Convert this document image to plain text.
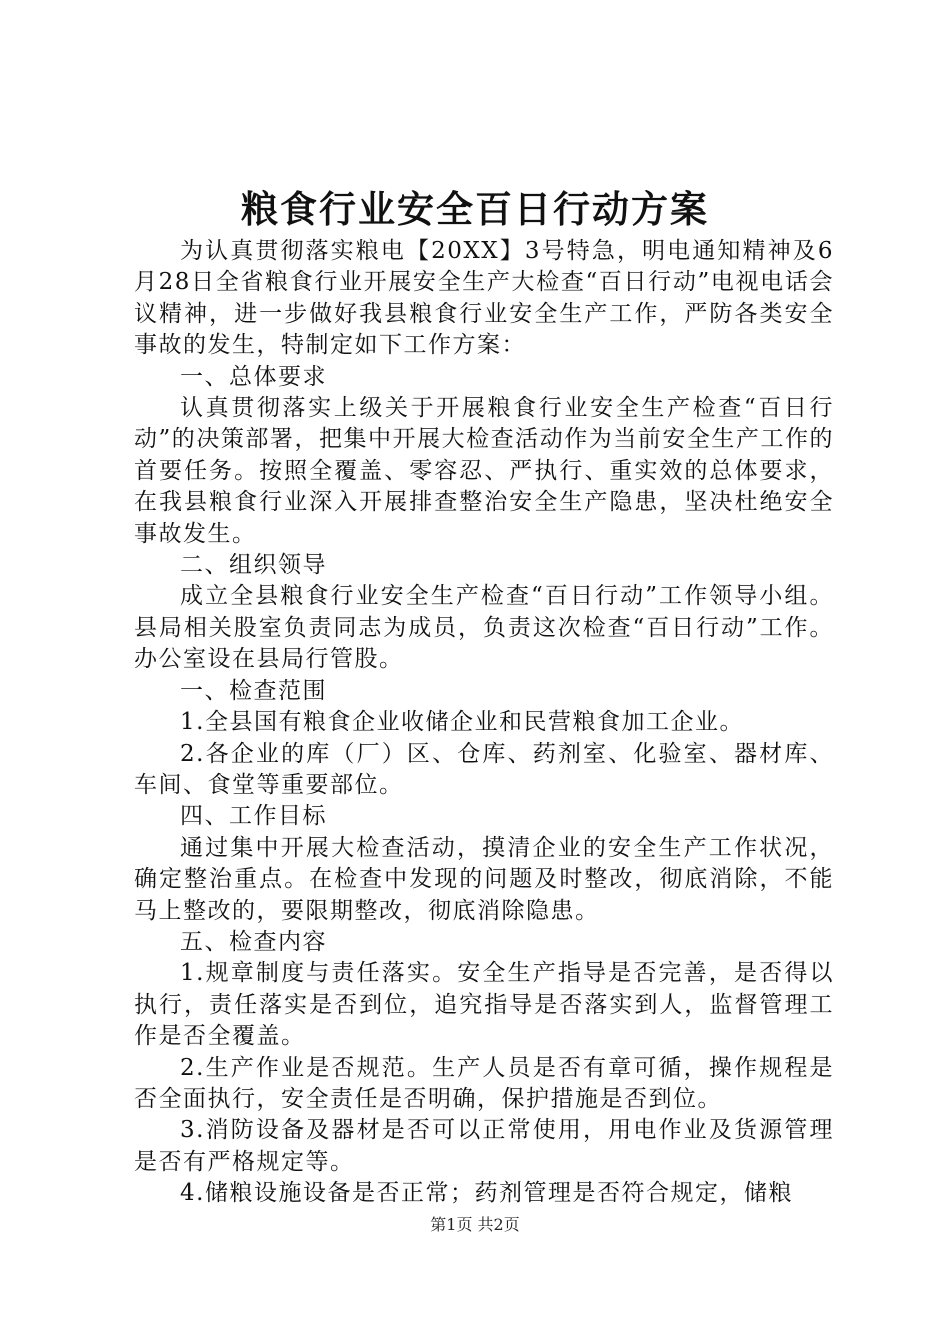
粮食行业安全百日行动方案

为认真贯彻落实粮电【20XX】3号特急，明电通知精神及6月28日全省粮食行业开展安全生产大检查“百日行动”电视电话会议精神，进一步做好我县粮食行业安全生产工作，严防各类安全事故的发生，特制定如下工作方案：

一、总体要求

认真贯彻落实上级关于开展粮食行业安全生产检查“百日行动”的决策部署，把集中开展大检查活动作为当前安全生产工作的首要任务。按照全覆盖、零容忍、严执行、重实效的总体要求，在我县粮食行业深入开展排查整治安全生产隐患，坚决杜绝安全事故发生。

二、组织领导

成立全县粮食行业安全生产检查“百日行动”工作领导小组。县局相关股室负责同志为成员，负责这次检查“百日行动”工作。办公室设在县局行管股。

一、检查范围

1.全县国有粮食企业收储企业和民营粮食加工企业。

2.各企业的库（厂）区、仓库、药剂室、化验室、器材库、车间、食堂等重要部位。

四、工作目标

通过集中开展大检查活动，摸清企业的安全生产工作状况，确定整治重点。在检查中发现的问题及时整改，彻底消除，不能马上整改的，要限期整改，彻底消除隐患。

五、检查内容

1.规章制度与责任落实。安全生产指导是否完善，是否得以执行，责任落实是否到位，追究指导是否落实到人，监督管理工作是否全覆盖。

2.生产作业是否规范。生产人员是否有章可循，操作规程是否全面执行，安全责任是否明确，保护措施是否到位。

3.消防设备及器材是否可以正常使用，用电作业及货源管理是否有严格规定等。

4.储粮设施设备是否正常；药剂管理是否符合规定，储粮

第1页 共2页
